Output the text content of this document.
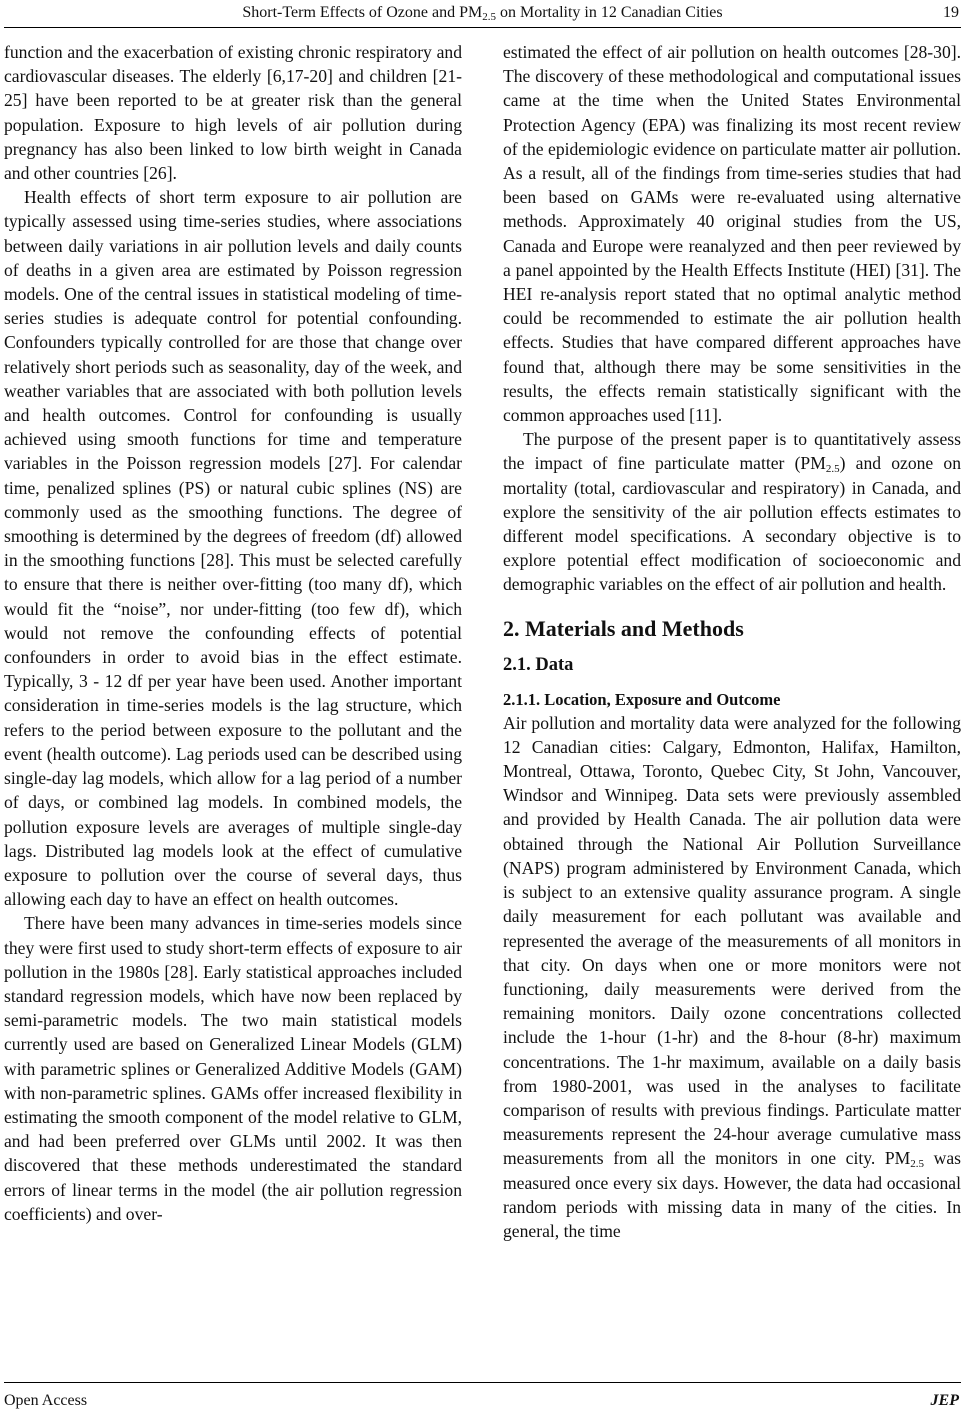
Short-Term Effects of Ozone and $PM_{2.5}$ on Mortality in 12 Canadian Cities	19

function and the exacerbation of existing chronic respiratory and cardiovascular diseases. The elderly [6,17-20] and children [21-25] have been reported to be at greater risk than the general population. Exposure to high levels of air pollution during pregnancy has also been linked to low birth weight in Canada and other countries [26].

Health effects of short term exposure to air pollution are typically assessed using time-series studies, where associations between daily variations in air pollution levels and daily counts of deaths in a given area are estimated by Poisson regression models. One of the central issues in statistical modeling of time-series studies is adequate control for potential confounding. Confounders typically controlled for are those that change over relatively short periods such as seasonality, day of the week, and weather variables that are associated with both pollution levels and health outcomes. Control for confounding is usually achieved using smooth functions for time and temperature variables in the Poisson regression models [27]. For calendar time, penalized splines (PS) or natural cubic splines (NS) are commonly used as the smoothing functions. The degree of smoothing is determined by the degrees of freedom (df) allowed in the smoothing functions [28]. This must be selected carefully to ensure that there is neither over-fitting (too many df), which would fit the “noise”, nor under-fitting (too few df), which would not remove the confounding effects of potential confounders in order to avoid bias in the effect estimate. Typically, 3 - 12 df per year have been used. Another important consideration in time-series models is the lag structure, which refers to the period between exposure to the pollutant and the event (health outcome). Lag periods used can be described using single-day lag models, which allow for a lag period of a number of days, or combined lag models. In combined models, the pollution exposure levels are averages of multiple single-day lags. Distributed lag models look at the effect of cumulative exposure to pollution over the course of several days, thus allowing each day to have an effect on health outcomes.

There have been many advances in time-series models since they were first used to study short-term effects of exposure to air pollution in the 1980s [28]. Early statistical approaches included standard regression models, which have now been replaced by semi-parametric models. The two main statistical models currently used are based on Generalized Linear Models (GLM) with parametric splines or Generalized Additive Models (GAM) with non-parametric splines. GAMs offer increased flexibility in estimating the smooth component of the model relative to GLM, and had been preferred over GLMs until 2002. It was then discovered that these methods underestimated the standard errors of linear terms in the model (the air pollution regression coefficients) and over-

estimated the effect of air pollution on health outcomes [28-30]. The discovery of these methodological and computational issues came at the time when the United States Environmental Protection Agency (EPA) was finalizing its most recent review of the epidemiologic evidence on particulate matter air pollution. As a result, all of the findings from time-series studies that had been based on GAMs were re-evaluated using alternative methods. Approximately 40 original studies from the US, Canada and Europe were reanalyzed and then peer reviewed by a panel appointed by the Health Effects Institute (HEI) [31]. The HEI re-analysis report stated that no optimal analytic method could be recommended to estimate the air pollution health effects. Studies that have compared different approaches have found that, although there may be some sensitivities in the results, the effects remain statistically significant with the common approaches used [11].

The purpose of the present paper is to quantitatively assess the impact of fine particulate matter $(PM_{2.5})$ and ozone on mortality (total, cardiovascular and respiratory) in Canada, and explore the sensitivity of the air pollution effects estimates to different model specifications. A secondary objective is to explore potential effect modification of socioeconomic and demographic variables on the effect of air pollution and health.

2. Materials and Methods
2.1. Data
2.1.1. Location, Exposure and Outcome

Air pollution and mortality data were analyzed for the following 12 Canadian cities: Calgary, Edmonton, Halifax, Hamilton, Montreal, Ottawa, Toronto, Quebec City, St John, Vancouver, Windsor and Winnipeg. Data sets were previously assembled and provided by Health Canada. The air pollution data were obtained through the National Air Pollution Surveillance (NAPS) program administered by Environment Canada, which is subject to an extensive quality assurance program. A single daily measurement for each pollutant was available and represented the average of the measurements of all monitors in that city. On days when one or more monitors were not functioning, daily measurements were derived from the remaining monitors. Daily ozone concentrations collected include the 1-hour (1-hr) and the 8-hour (8-hr) maximum concentrations. The 1-hr maximum, available on a daily basis from 1980-2001, was used in the analyses to facilitate comparison of results with previous findings. Particulate matter measurements represent the 24-hour average cumulative mass measurements from all the monitors in one city. $PM_{2.5}$ was measured once every six days. However, the data had occasional random periods with missing data in many of the cities. In general, the time

Open Access	JEP
